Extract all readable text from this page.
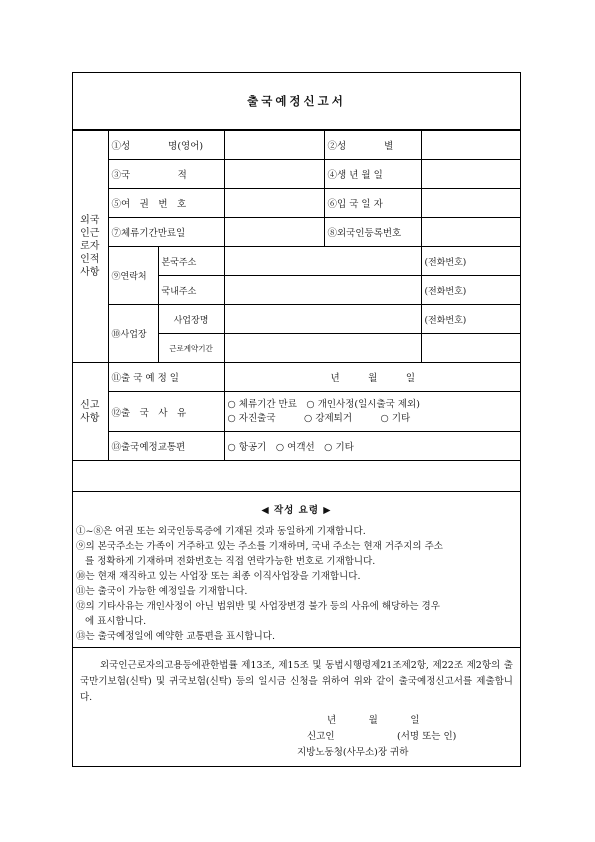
출국예정신고서
외국
인근
로자
인적
사항	①성　　　　명(영어)			②성　　　　별	
	③국　　　　　적			④생 년 월 일	
	⑤여　권　번　호			⑥입 국 일 자	
	⑦체류기간만료일			⑧외국인등록번호	
	⑨연락처	본국주소			(전화번호)
		국내주소			(전화번호)
	⑩사업장	사업장명			(전화번호)
		근로계약기간			
신고
사항	⑪출 국 예 정 일		년　　　월　　　일		
	⑫출　국　사　유		○ 체류기간 만료　○ 개인사정(일시출국 제외)
○ 자진출국　　　○ 강제퇴거　　　○ 기타		

	⑬출국예정교통편		○ 항공기　○ 여객선　○ 기타		
◀ 작성 요령 ▶

①~⑧은 여권 또는 외국인등록증에 기재된 것과 동일하게 기재합니다.

⑨의 본국주소는 가족이 거주하고 있는 주소를 기재하며, 국내 주소는 현재 거주지의 주소

를 정확하게 기재하며 전화번호는 직접 연락가능한 번호로 기재합니다.

⑩는 현재 재직하고 있는 사업장 또는 최종 이직사업장을 기재합니다.

⑪는 출국이 가능한 예정일을 기재합니다.

⑫의 기타사유는 개인사정이 아닌 법위반 및 사업장변경 불가 등의 사유에 해당하는 경우

에 표시합니다.

⑬는 출국예정일에 예약한 교통편을 표시합니다.

외국인근로자의고용등에관한법률 제13조, 제15조 및 동법시행령제21조제2항, 제22조 제2항의 출국만기보험(신탁) 및 귀국보험(신탁) 등의 일시금 신청을 위하여 위와 같이 출국예정신고서를 제출합니다.
년　　　월　　　일
신고인	(서명 또는 인)
지방노동청(사무소)장 귀하
